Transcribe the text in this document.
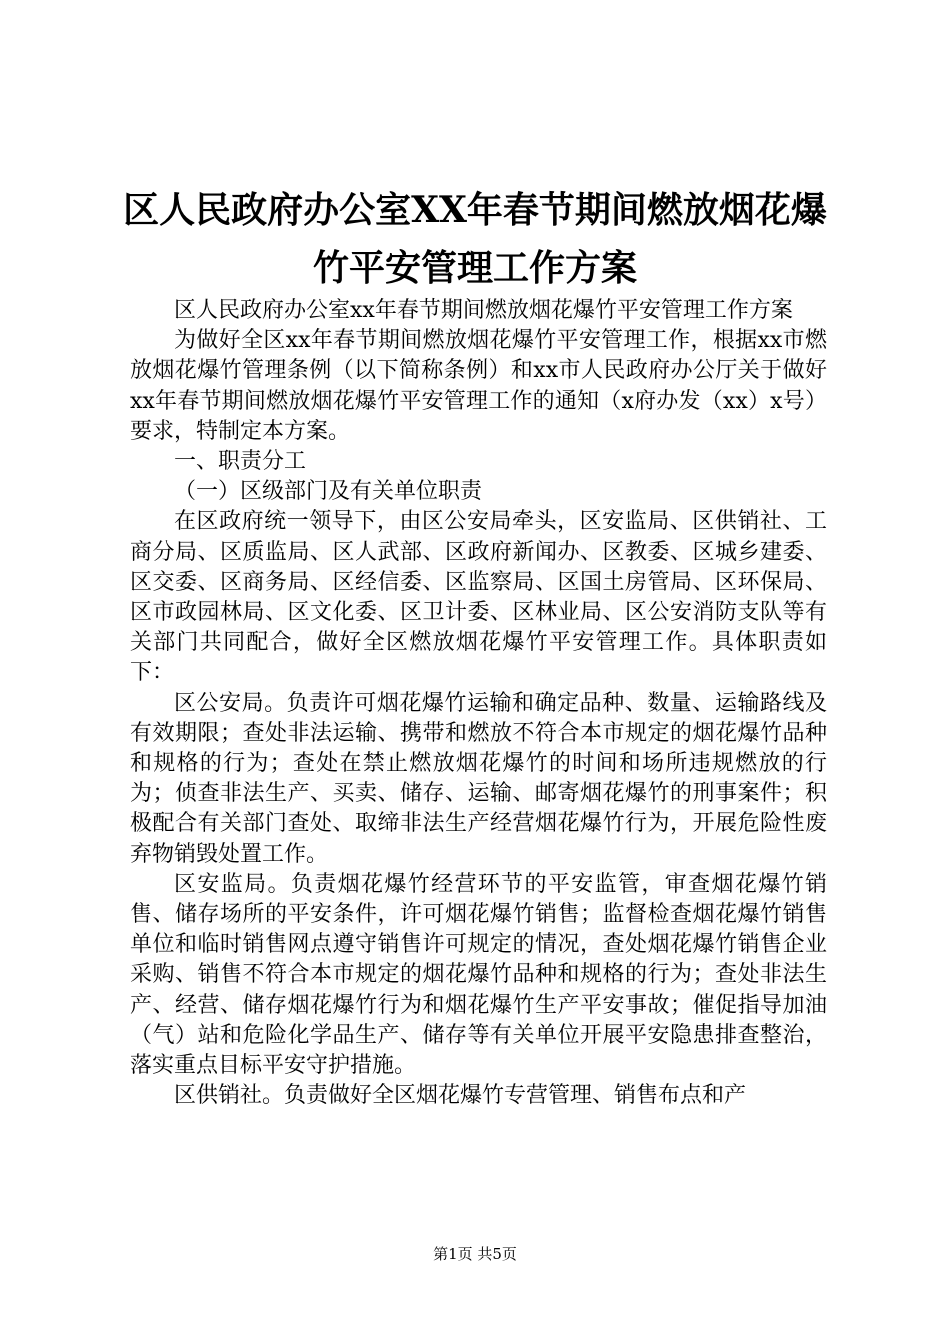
区人民政府办公室XX年春节期间燃放烟花爆
竹平安管理工作方案

区人民政府办公室xx年春节期间燃放烟花爆竹平安管理工作方案

为做好全区xx年春节期间燃放烟花爆竹平安管理工作，根据xx市燃放烟花爆竹管理条例（以下简称条例）和xx市人民政府办公厅关于做好xx年春节期间燃放烟花爆竹平安管理工作的通知（x府办发（xx）x号）要求，特制定本方案。

一、职责分工

（一）区级部门及有关单位职责

在区政府统一领导下，由区公安局牵头，区安监局、区供销社、工商分局、区质监局、区人武部、区政府新闻办、区教委、区城乡建委、区交委、区商务局、区经信委、区监察局、区国土房管局、区环保局、区市政园林局、区文化委、区卫计委、区林业局、区公安消防支队等有关部门共同配合，做好全区燃放烟花爆竹平安管理工作。具体职责如下：

区公安局。负责许可烟花爆竹运输和确定品种、数量、运输路线及有效期限；查处非法运输、携带和燃放不符合本市规定的烟花爆竹品种和规格的行为；查处在禁止燃放烟花爆竹的时间和场所违规燃放的行为；侦查非法生产、买卖、储存、运输、邮寄烟花爆竹的刑事案件；积极配合有关部门查处、取缔非法生产经营烟花爆竹行为，开展危险性废弃物销毁处置工作。

区安监局。负责烟花爆竹经营环节的平安监管，审查烟花爆竹销售、储存场所的平安条件，许可烟花爆竹销售；监督检查烟花爆竹销售单位和临时销售网点遵守销售许可规定的情况，查处烟花爆竹销售企业采购、销售不符合本市规定的烟花爆竹品种和规格的行为；查处非法生产、经营、储存烟花爆竹行为和烟花爆竹生产平安事故；催促指导加油（气）站和危险化学品生产、储存等有关单位开展平安隐患排查整治，落实重点目标平安守护措施。

区供销社。负责做好全区烟花爆竹专营管理、销售布点和产

第1页 共5页
